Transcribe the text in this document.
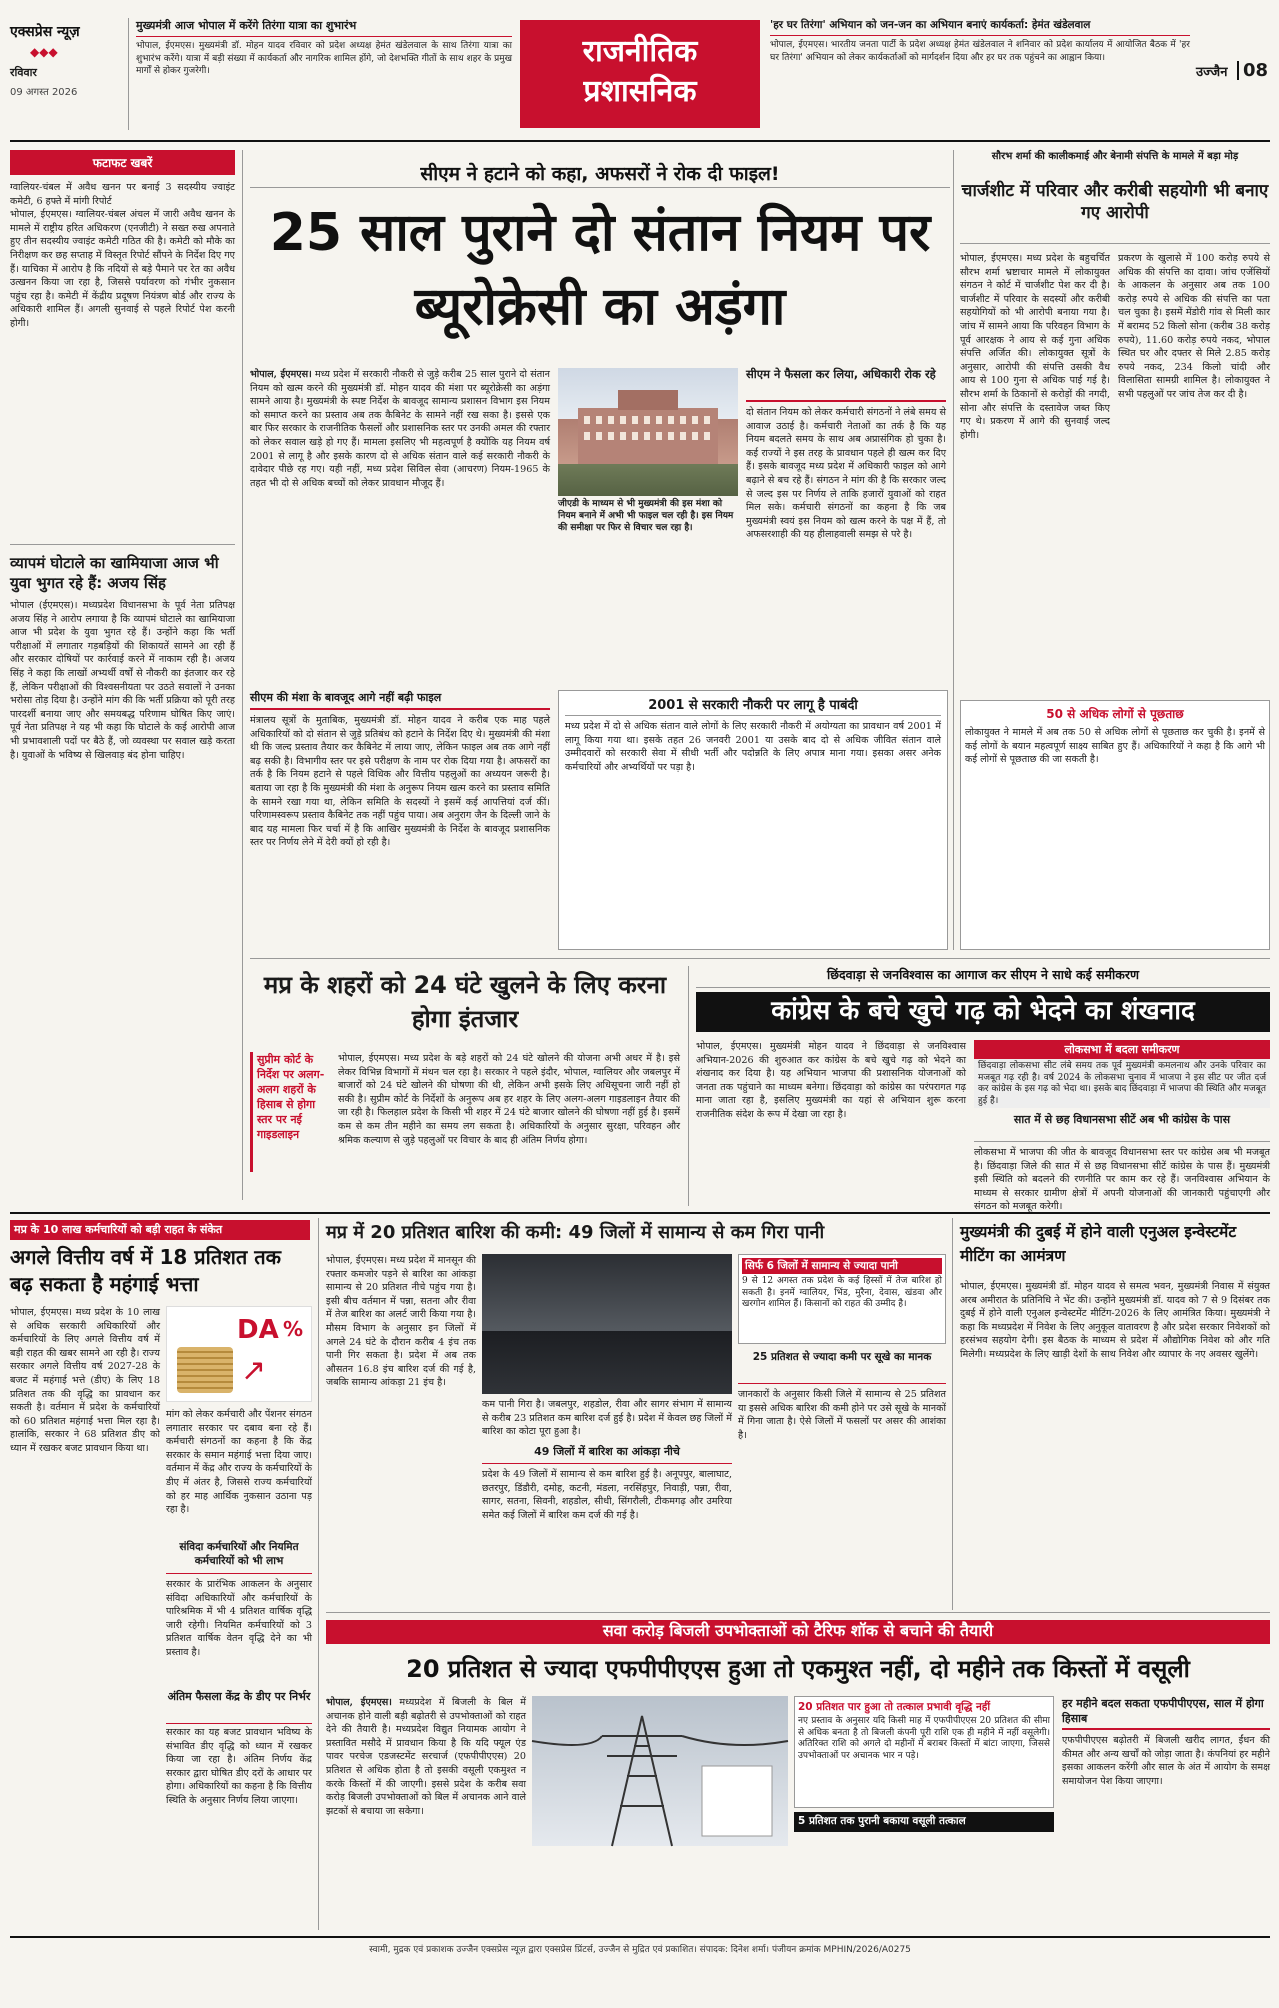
एक्सप्रेस न्यूज़
◆◆◆
रविवार
09 अगस्त 2026
मुख्यमंत्री आज भोपाल में करेंगे तिरंगा यात्रा का शुभारंभ
भोपाल, ईएमएस। मुख्यमंत्री डॉ. मोहन यादव रविवार को प्रदेश अध्यक्ष हेमंत खंडेलवाल के साथ तिरंगा यात्रा का शुभारंभ करेंगे। यात्रा में बड़ी संख्या में कार्यकर्ता और नागरिक शामिल होंगे, जो देशभक्ति गीतों के साथ शहर के प्रमुख मार्गों से होकर गुजरेगी।
राजनीतिक
प्रशासनिक
'हर घर तिरंगा' अभियान को जन-जन का अभियान बनाएं कार्यकर्ता: हेमंत खंडेलवाल
भोपाल, ईएमएस। भारतीय जनता पार्टी के प्रदेश अध्यक्ष हेमंत खंडेलवाल ने शनिवार को प्रदेश कार्यालय में आयोजित बैठक में 'हर घर तिरंगा' अभियान को लेकर कार्यकर्ताओं को मार्गदर्शन दिया और हर घर तक पहुंचने का आह्वान किया।
उज्जैन 08
फटाफट खबरें
ग्वालियर-चंबल में अवैध खनन पर बनाई 3 सदस्यीय ज्वाइंट कमेटी, 6 हफ्ते में मांगी रिपोर्ट
भोपाल, ईएमएस। ग्वालियर-चंबल अंचल में जारी अवैध खनन के मामले में राष्ट्रीय हरित अधिकरण (एनजीटी) ने सख्त रुख अपनाते हुए तीन सदस्यीय ज्वाइंट कमेटी गठित की है। कमेटी को मौके का निरीक्षण कर छह सप्ताह में विस्तृत रिपोर्ट सौंपने के निर्देश दिए गए हैं। याचिका में आरोप है कि नदियों से बड़े पैमाने पर रेत का अवैध उत्खनन किया जा रहा है, जिससे पर्यावरण को गंभीर नुकसान पहुंच रहा है। कमेटी में केंद्रीय प्रदूषण नियंत्रण बोर्ड और राज्य के अधिकारी शामिल हैं। अगली सुनवाई से पहले रिपोर्ट पेश करनी होगी।
व्यापमं घोटाले का खामियाजा आज भी युवा भुगत रहे हैं: अजय सिंह
भोपाल (ईएमएस)। मध्यप्रदेश विधानसभा के पूर्व नेता प्रतिपक्ष अजय सिंह ने आरोप लगाया है कि व्यापमं घोटाले का खामियाजा आज भी प्रदेश के युवा भुगत रहे हैं। उन्होंने कहा कि भर्ती परीक्षाओं में लगातार गड़बड़ियों की शिकायतें सामने आ रही हैं और सरकार दोषियों पर कार्रवाई करने में नाकाम रही है। अजय सिंह ने कहा कि लाखों अभ्यर्थी वर्षों से नौकरी का इंतजार कर रहे हैं, लेकिन परीक्षाओं की विश्वसनीयता पर उठते सवालों ने उनका भरोसा तोड़ दिया है। उन्होंने मांग की कि भर्ती प्रक्रिया को पूरी तरह पारदर्शी बनाया जाए और समयबद्ध परिणाम घोषित किए जाएं। पूर्व नेता प्रतिपक्ष ने यह भी कहा कि घोटाले के कई आरोपी आज भी प्रभावशाली पदों पर बैठे हैं, जो व्यवस्था पर सवाल खड़े करता है। युवाओं के भविष्य से खिलवाड़ बंद होना चाहिए।
सीएम ने हटाने को कहा, अफसरों ने रोक दी फाइल!
25 साल पुराने दो संतान नियम पर ब्यूरोक्रेसी का अड़ंगा
भोपाल, ईएमएस। मध्य प्रदेश में सरकारी नौकरी से जुड़े करीब 25 साल पुराने दो संतान नियम को खत्म करने की मुख्यमंत्री डॉ. मोहन यादव की मंशा पर ब्यूरोक्रेसी का अड़ंगा सामने आया है। मुख्यमंत्री के स्पष्ट निर्देश के बावजूद सामान्य प्रशासन विभाग इस नियम को समाप्त करने का प्रस्ताव अब तक कैबिनेट के सामने नहीं रख सका है। इससे एक बार फिर सरकार के राजनीतिक फैसलों और प्रशासनिक स्तर पर उनकी अमल की रफ्तार को लेकर सवाल खड़े हो गए हैं। मामला इसलिए भी महत्वपूर्ण है क्योंकि यह नियम वर्ष 2001 से लागू है और इसके कारण दो से अधिक संतान वाले कई सरकारी नौकरी के दावेदार पीछे रह गए। यही नहीं, मध्य प्रदेश सिविल सेवा (आचरण) नियम-1965 के तहत भी दो से अधिक बच्चों को लेकर प्रावधान मौजूद हैं।
सीएम की मंशा के बावजूद आगे नहीं बढ़ी फाइल
मंत्रालय सूत्रों के मुताबिक, मुख्यमंत्री डॉ. मोहन यादव ने करीब एक माह पहले अधिकारियों को दो संतान से जुड़े प्रतिबंध को हटाने के निर्देश दिए थे। मुख्यमंत्री की मंशा थी कि जल्द प्रस्ताव तैयार कर कैबिनेट में लाया जाए, लेकिन फाइल अब तक आगे नहीं बढ़ सकी है। विभागीय स्तर पर इसे परीक्षण के नाम पर रोक दिया गया है। अफसरों का तर्क है कि नियम हटाने से पहले विधिक और वित्तीय पहलुओं का अध्ययन जरूरी है। बताया जा रहा है कि मुख्यमंत्री की मंशा के अनुरूप नियम खत्म करने का प्रस्ताव समिति के सामने रखा गया था, लेकिन समिति के सदस्यों ने इसमें कई आपत्तियां दर्ज कीं। परिणामस्वरूप प्रस्ताव कैबिनेट तक नहीं पहुंच पाया। अब अनुराग जैन के दिल्ली जाने के बाद यह मामला फिर चर्चा में है कि आखिर मुख्यमंत्री के निर्देश के बावजूद प्रशासनिक स्तर पर निर्णय लेने में देरी क्यों हो रही है।
जीएडी के माध्यम से भी मुख्यमंत्री की इस मंशा को नियम बनाने में अभी भी फाइल चल रही है। इस नियम की समीक्षा पर फिर से विचार चल रहा है।
सीएम ने फैसला कर लिया, अधिकारी रोक रहे
दो संतान नियम को लेकर कर्मचारी संगठनों ने लंबे समय से आवाज उठाई है। कर्मचारी नेताओं का तर्क है कि यह नियम बदलते समय के साथ अब अप्रासंगिक हो चुका है। कई राज्यों ने इस तरह के प्रावधान पहले ही खत्म कर दिए हैं। इसके बावजूद मध्य प्रदेश में अधिकारी फाइल को आगे बढ़ाने से बच रहे हैं। संगठन ने मांग की है कि सरकार जल्द से जल्द इस पर निर्णय ले ताकि हजारों युवाओं को राहत मिल सके। कर्मचारी संगठनों का कहना है कि जब मुख्यमंत्री स्वयं इस नियम को खत्म करने के पक्ष में हैं, तो अफसरशाही की यह हीलाहवाली समझ से परे है।
2001 से सरकारी नौकरी पर लागू है पाबंदी
मध्य प्रदेश में दो से अधिक संतान वाले लोगों के लिए सरकारी नौकरी में अयोग्यता का प्रावधान वर्ष 2001 में लागू किया गया था। इसके तहत 26 जनवरी 2001 या उसके बाद दो से अधिक जीवित संतान वाले उम्मीदवारों को सरकारी सेवा में सीधी भर्ती और पदोन्नति के लिए अपात्र माना गया। इसका असर अनेक कर्मचारियों और अभ्यर्थियों पर पड़ा है।
सौरभ शर्मा की कालीकमाई और बेनामी संपत्ति के मामले में बड़ा मोड़
चार्जशीट में परिवार और करीबी सहयोगी भी बनाए गए आरोपी
भोपाल, ईएमएस। मध्य प्रदेश के बहुचर्चित सौरभ शर्मा भ्रष्टाचार मामले में लोकायुक्त संगठन ने कोर्ट में चार्जशीट पेश कर दी है। चार्जशीट में परिवार के सदस्यों और करीबी सहयोगियों को भी आरोपी बनाया गया है। जांच में सामने आया कि परिवहन विभाग के पूर्व आरक्षक ने आय से कई गुना अधिक संपत्ति अर्जित की। लोकायुक्त सूत्रों के अनुसार, आरोपी की संपत्ति उसकी वैध आय से 100 गुना से अधिक पाई गई है। सौरभ शर्मा के ठिकानों से करोड़ों की नगदी, सोना और संपत्ति के दस्तावेज जब्त किए गए थे। प्रकरण में आगे की सुनवाई जल्द होगी।
प्रकरण के खुलासे में 100 करोड़ रुपये से अधिक की संपत्ति का दावा। जांच एजेंसियों के आकलन के अनुसार अब तक 100 करोड़ रुपये से अधिक की संपत्ति का पता चल चुका है। इसमें मेंडोरी गांव से मिली कार में बरामद 52 किलो सोना (करीब 38 करोड़ रुपये), 11.60 करोड़ रुपये नकद, भोपाल स्थित घर और दफ्तर से मिले 2.85 करोड़ रुपये नकद, 234 किलो चांदी और विलासिता सामग्री शामिल है। लोकायुक्त ने सभी पहलुओं पर जांच तेज कर दी है।
50 से अधिक लोगों से पूछताछ
लोकायुक्त ने मामले में अब तक 50 से अधिक लोगों से पूछताछ कर चुकी है। इनमें से कई लोगों के बयान महत्वपूर्ण साक्ष्य साबित हुए हैं। अधिकारियों ने कहा है कि आगे भी कई लोगों से पूछताछ की जा सकती है।
मप्र के शहरों को 24 घंटे खुलने के लिए करना होगा इंतजार
सुप्रीम कोर्ट के निर्देश पर अलग-अलग शहरों के हिसाब से होगा स्तर पर नई गाइडलाइन
भोपाल, ईएमएस। मध्य प्रदेश के बड़े शहरों को 24 घंटे खोलने की योजना अभी अधर में है। इसे लेकर विभिन्न विभागों में मंथन चल रहा है। सरकार ने पहले इंदौर, भोपाल, ग्वालियर और जबलपुर में बाजारों को 24 घंटे खोलने की घोषणा की थी, लेकिन अभी इसके लिए अधिसूचना जारी नहीं हो सकी है। सुप्रीम कोर्ट के निर्देशों के अनुरूप अब हर शहर के लिए अलग-अलग गाइडलाइन तैयार की जा रही है। फिलहाल प्रदेश के किसी भी शहर में 24 घंटे बाजार खोलने की घोषणा नहीं हुई है। इसमें कम से कम तीन महीने का समय लग सकता है। अधिकारियों के अनुसार सुरक्षा, परिवहन और श्रमिक कल्याण से जुड़े पहलुओं पर विचार के बाद ही अंतिम निर्णय होगा।
छिंदवाड़ा से जनविश्वास का आगाज कर सीएम ने साधे कई समीकरण
कांग्रेस के बचे खुचे गढ़ को भेदने का शंखनाद
भोपाल, ईएमएस। मुख्यमंत्री मोहन यादव ने छिंदवाड़ा से जनविश्वास अभियान-2026 की शुरुआत कर कांग्रेस के बचे खुचे गढ़ को भेदने का शंखनाद कर दिया है। यह अभियान भाजपा की प्रशासनिक योजनाओं को जनता तक पहुंचाने का माध्यम बनेगा। छिंदवाड़ा को कांग्रेस का परंपरागत गढ़ माना जाता रहा है, इसलिए मुख्यमंत्री का यहां से अभियान शुरू करना राजनीतिक संदेश के रूप में देखा जा रहा है।
लोकसभा में बदला समीकरण
छिंदवाड़ा लोकसभा सीट लंबे समय तक पूर्व मुख्यमंत्री कमलनाथ और उनके परिवार का मजबूत गढ़ रही है। वर्ष 2024 के लोकसभा चुनाव में भाजपा ने इस सीट पर जीत दर्ज कर कांग्रेस के इस गढ़ को भेदा था। इसके बाद छिंदवाड़ा में भाजपा की स्थिति और मजबूत हुई है।
सात में से छह विधानसभा सीटें अब भी कांग्रेस के पास
लोकसभा में भाजपा की जीत के बावजूद विधानसभा स्तर पर कांग्रेस अब भी मजबूत है। छिंदवाड़ा जिले की सात में से छह विधानसभा सीटें कांग्रेस के पास हैं। मुख्यमंत्री इसी स्थिति को बदलने की रणनीति पर काम कर रहे हैं। जनविश्वास अभियान के माध्यम से सरकार ग्रामीण क्षेत्रों में अपनी योजनाओं की जानकारी पहुंचाएगी और संगठन को मजबूत करेगी।
मप्र के 10 लाख कर्मचारियों को बड़ी राहत के संकेत
अगले वित्तीय वर्ष में 18 प्रतिशत तक बढ़ सकता है महंगाई भत्ता
भोपाल, ईएमएस। मध्य प्रदेश के 10 लाख से अधिक सरकारी अधिकारियों और कर्मचारियों के लिए अगले वित्तीय वर्ष में बड़ी राहत की खबर सामने आ रही है। राज्य सरकार अगले वित्तीय वर्ष 2027-28 के बजट में महंगाई भत्ते (डीए) के लिए 18 प्रतिशत तक की वृद्धि का प्रावधान कर सकती है। वर्तमान में प्रदेश के कर्मचारियों को 60 प्रतिशत महंगाई भत्ता मिल रहा है। हालांकि, सरकार ने 68 प्रतिशत डीए को ध्यान में रखकर बजट प्रावधान किया था।
DA %
↗
मांग को लेकर कर्मचारी और पेंशनर संगठन लगातार सरकार पर दबाव बना रहे हैं। कर्मचारी संगठनों का कहना है कि केंद्र सरकार के समान महंगाई भत्ता दिया जाए। वर्तमान में केंद्र और राज्य के कर्मचारियों के डीए में अंतर है, जिससे राज्य कर्मचारियों को हर माह आर्थिक नुकसान उठाना पड़ रहा है।
संविदा कर्मचारियों और नियमित कर्मचारियों को भी लाभ
सरकार के प्रारंभिक आकलन के अनुसार संविदा अधिकारियों और कर्मचारियों के पारिश्रमिक में भी 4 प्रतिशत वार्षिक वृद्धि जारी रहेगी। नियमित कर्मचारियों को 3 प्रतिशत वार्षिक वेतन वृद्धि देने का भी प्रस्ताव है।
अंतिम फैसला केंद्र के डीए पर निर्भर
सरकार का यह बजट प्रावधान भविष्य के संभावित डीए वृद्धि को ध्यान में रखकर किया जा रहा है। अंतिम निर्णय केंद्र सरकार द्वारा घोषित डीए दरों के आधार पर होगा। अधिकारियों का कहना है कि वित्तीय स्थिति के अनुसार निर्णय लिया जाएगा।
मप्र में 20 प्रतिशत बारिश की कमी: 49 जिलों में सामान्य से कम गिरा पानी
भोपाल, ईएमएस। मध्य प्रदेश में मानसून की रफ्तार कमजोर पड़ने से बारिश का आंकड़ा सामान्य से 20 प्रतिशत नीचे पहुंच गया है। इसी बीच वर्तमान में पन्ना, सतना और रीवा में तेज बारिश का अलर्ट जारी किया गया है। मौसम विभाग के अनुसार इन जिलों में अगले 24 घंटे के दौरान करीब 4 इंच तक पानी गिर सकता है। प्रदेश में अब तक औसतन 16.8 इंच बारिश दर्ज की गई है, जबकि सामान्य आंकड़ा 21 इंच है।
कम पानी गिरा है। जबलपुर, शहडोल, रीवा और सागर संभाग में सामान्य से करीब 23 प्रतिशत कम बारिश दर्ज हुई है। प्रदेश में केवल छह जिलों में बारिश का कोटा पूरा हुआ है।
सिर्फ 6 जिलों में सामान्य से ज्यादा पानी
9 से 12 अगस्त तक प्रदेश के कई हिस्सों में तेज बारिश हो सकती है। इनमें ग्वालियर, भिंड, मुरैना, देवास, खंडवा और खरगोन शामिल हैं। किसानों को राहत की उम्मीद है।
49 जिलों में बारिश का आंकड़ा नीचे
प्रदेश के 49 जिलों में सामान्य से कम बारिश हुई है। अनूपपुर, बालाघाट, छतरपुर, डिंडौरी, दमोह, कटनी, मंडला, नरसिंहपुर, निवाड़ी, पन्ना, रीवा, सागर, सतना, सिवनी, शहडोल, सीधी, सिंगरौली, टीकमगढ़ और उमरिया समेत कई जिलों में बारिश कम दर्ज की गई है।
25 प्रतिशत से ज्यादा कमी पर सूखे का मानक
जानकारों के अनुसार किसी जिले में सामान्य से 25 प्रतिशत या इससे अधिक बारिश की कमी होने पर उसे सूखे के मानकों में गिना जाता है। ऐसे जिलों में फसलों पर असर की आशंका है।
मुख्यमंत्री की दुबई में होने वाली एनुअल इन्वेस्टमेंट मीटिंग का आमंत्रण
भोपाल, ईएमएस। मुख्यमंत्री डॉ. मोहन यादव से समत्व भवन, मुख्यमंत्री निवास में संयुक्त अरब अमीरात के प्रतिनिधि ने भेंट की। उन्होंने मुख्यमंत्री डॉ. यादव को 7 से 9 दिसंबर तक दुबई में होने वाली एनुअल इन्वेस्टमेंट मीटिंग-2026 के लिए आमंत्रित किया। मुख्यमंत्री ने कहा कि मध्यप्रदेश में निवेश के लिए अनुकूल वातावरण है और प्रदेश सरकार निवेशकों को हरसंभव सहयोग देगी। इस बैठक के माध्यम से प्रदेश में औद्योगिक निवेश को और गति मिलेगी। मध्यप्रदेश के लिए खाड़ी देशों के साथ निवेश और व्यापार के नए अवसर खुलेंगे।
सवा करोड़ बिजली उपभोक्ताओं को टैरिफ शॉक से बचाने की तैयारी
20 प्रतिशत से ज्यादा एफपीपीएएस हुआ तो एकमुश्त नहीं, दो महीने तक किस्तों में वसूली
भोपाल, ईएमएस। मध्यप्रदेश में बिजली के बिल में अचानक होने वाली बड़ी बढ़ोतरी से उपभोक्ताओं को राहत देने की तैयारी है। मध्यप्रदेश विद्युत नियामक आयोग ने प्रस्तावित मसौदे में प्रावधान किया है कि यदि फ्यूल एंड पावर परचेज एडजस्टमेंट सरचार्ज (एफपीपीएएस) 20 प्रतिशत से अधिक होता है तो इसकी वसूली एकमुश्त न करके किस्तों में की जाएगी। इससे प्रदेश के करीब सवा करोड़ बिजली उपभोक्ताओं को बिल में अचानक आने वाले झटकों से बचाया जा सकेगा।
20 प्रतिशत पार हुआ तो तत्काल प्रभावी वृद्धि नहीं
नए प्रस्ताव के अनुसार यदि किसी माह में एफपीपीएएस 20 प्रतिशत की सीमा से अधिक बनता है तो बिजली कंपनी पूरी राशि एक ही महीने में नहीं वसूलेगी। अतिरिक्त राशि को अगले दो महीनों में बराबर किस्तों में बांटा जाएगा, जिससे उपभोक्ताओं पर अचानक भार न पड़े।
5 प्रतिशत तक पुरानी बकाया वसूली तत्काल
हर महीने बदल सकता एफपीपीएएस, साल में होगा हिसाब
एफपीपीएएस बढ़ोतरी में बिजली खरीद लागत, ईंधन की कीमत और अन्य खर्चों को जोड़ा जाता है। कंपनियां हर महीने इसका आकलन करेंगी और साल के अंत में आयोग के समक्ष समायोजन पेश किया जाएगा।
स्वामी, मुद्रक एवं प्रकाशक उज्जैन एक्सप्रेस न्यूज़ द्वारा एक्सप्रेस प्रिंटर्स, उज्जैन से मुद्रित एवं प्रकाशित। संपादक: दिनेश शर्मा। पंजीयन क्रमांक MPHIN/2026/A0275
